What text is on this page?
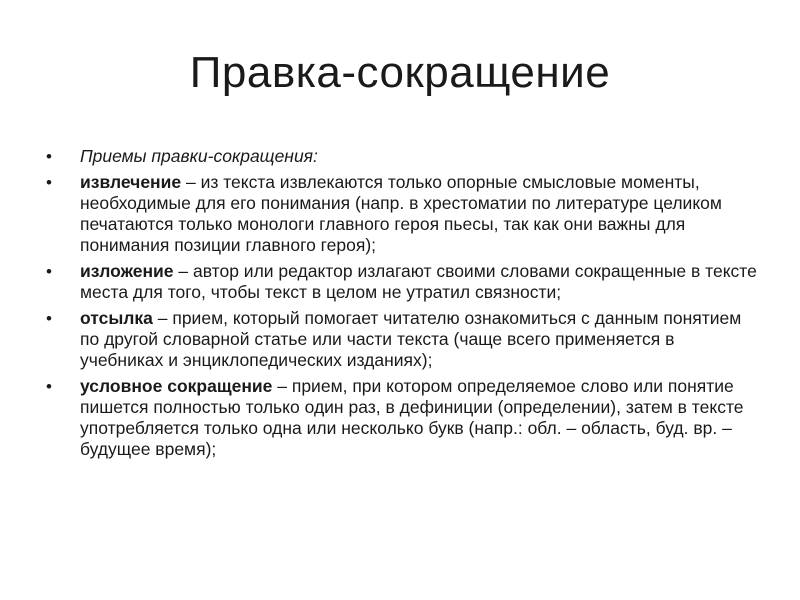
Правка-сокращение
• Приемы правки-сокращения:
• извлечение – из текста извлекаются только опорные смысловые моменты, необходимые для его понимания (напр. в хрестоматии по литературе целиком печатаются только монологи главного героя пьесы, так как они важны для понимания позиции главного героя);
• изложение – автор или редактор излагают своими словами сокращенные в тексте места для того, чтобы текст в целом не утратил связности;
• отсылка – прием, который помогает читателю ознакомиться с данным понятием по другой словарной статье или части текста (чаще всего применяется в учебниках и энциклопедических изданиях);
• условное сокращение – прием, при котором определяемое слово или понятие пишется полностью только один раз, в дефиниции (определении), затем в тексте употребляется только одна или несколько букв (напр.: обл. – область, буд. вр. – будущее время);
